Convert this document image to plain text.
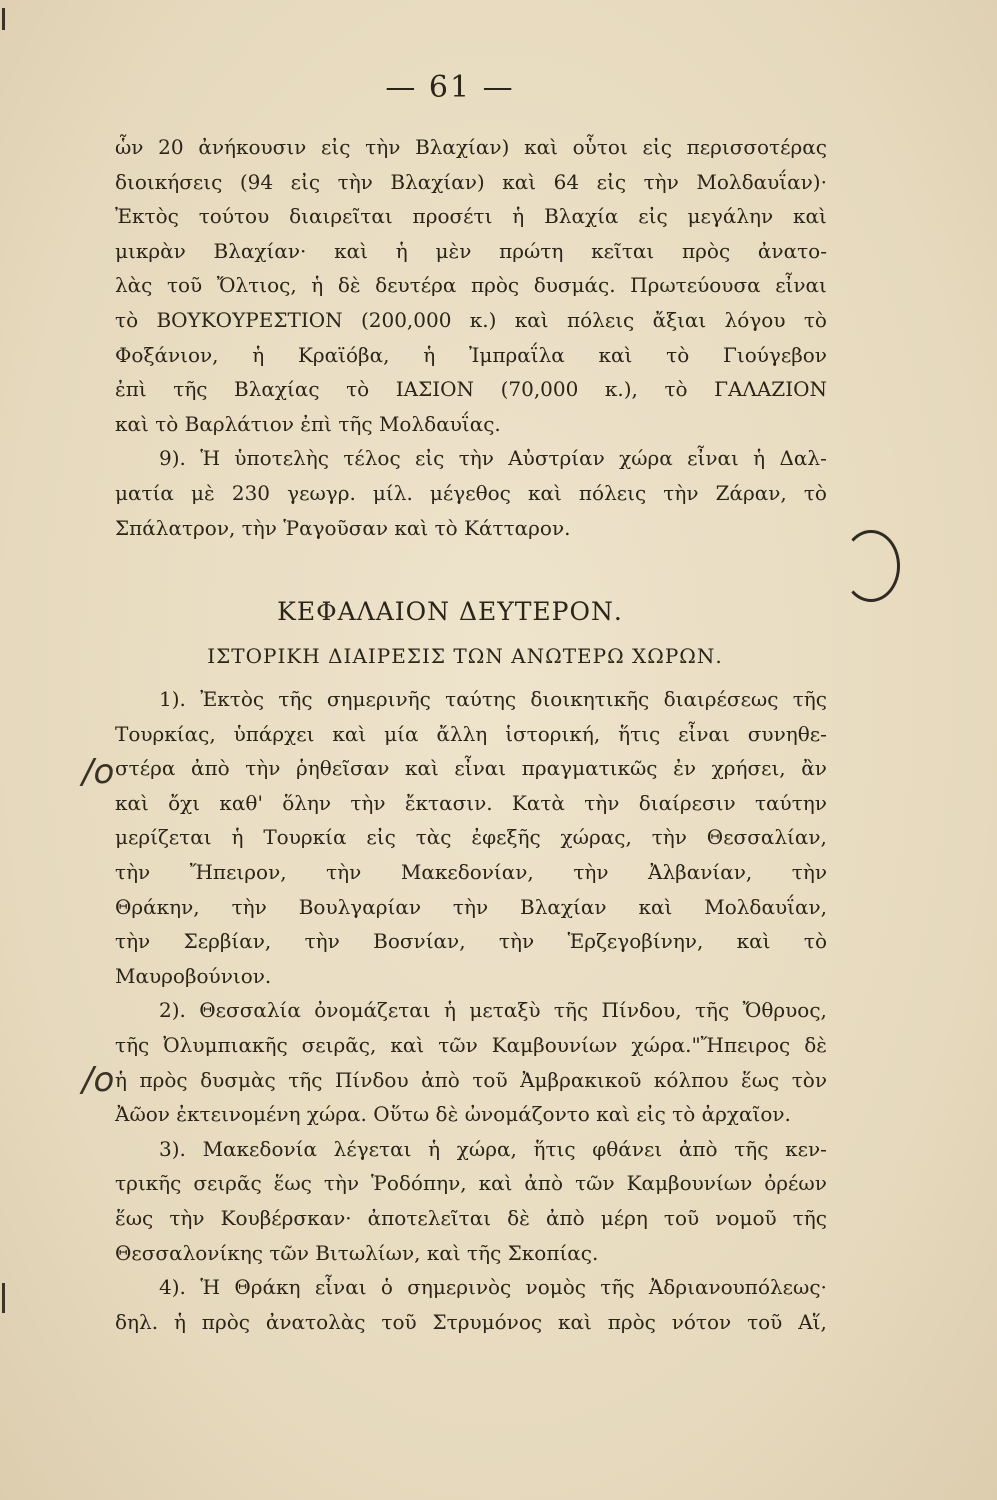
— 61 —
ὧν 20 ἀνήκουσιν εἰς τὴν Βλαχίαν) καὶ οὗτοι εἰς περισσοτέρας
διοικήσεις (94 εἰς τὴν Βλαχίαν) καὶ 64 εἰς τὴν Μολδαυΐαν)·
Ἐκτὸς τούτου διαιρεῖται προσέτι ἡ Βλαχία εἰς μεγάλην καὶ
μικρὰν Βλαχίαν· καὶ ἡ μὲν πρώτη κεῖται πρὸς ἀνατο-
λὰς τοῦ Ὄλτιος, ἡ δὲ δευτέρα πρὸς δυσμάς. Πρωτεύουσα εἶναι
τὸ ΒΟΥΚΟΥΡΕΣΤΙΟΝ (200,000 κ.) καὶ πόλεις ἄξιαι λόγου τὸ
Φοξάνιον, ἡ Κραϊόβα, ἡ Ἰμπραΐλα καὶ τὸ Γιούγεβον
ἐπὶ τῆς Βλαχίας τὸ ΙΑΣΙΟΝ (70,000 κ.), τὸ ΓΑΛΑΖΙΟΝ
καὶ τὸ Βαρλάτιον ἐπὶ τῆς Μολδαυΐας.
9). Ἡ ὑποτελὴς τέλος εἰς τὴν Αὐστρίαν χώρα εἶναι ἡ Δαλ-
ματία μὲ 230 γεωγρ. μίλ. μέγεθος καὶ πόλεις τὴν Ζάραν, τὸ
Σπάλατρον, τὴν Ῥαγοῦσαν καὶ τὸ Κάτταρον.
ΚΕΦΑΛΑΙΟΝ ΔΕΥΤΕΡΟΝ.
ΙΣΤΟΡΙΚΗ ΔΙΑΙΡΕΣΙΣ ΤΩΝ ΑΝΩΤΕΡΩ ΧΩΡΩΝ.
1). Ἐκτὸς τῆς σημερινῆς ταύτης διοικητικῆς διαιρέσεως τῆς
Τουρκίας, ὑπάρχει καὶ μία ἄλλη ἱστορική, ἥτις εἶναι συνηθε-
στέρα ἀπὸ τὴν ῥηθεῖσαν καὶ εἶναι πραγματικῶς ἐν χρήσει, ἂν
καὶ ὄχι καθ' ὅλην τὴν ἔκτασιν. Κατὰ τὴν διαίρεσιν ταύτην
μερίζεται ἡ Τουρκία εἰς τὰς ἐφεξῆς χώρας, τὴν Θεσσαλίαν,
τὴν Ἤπειρον, τὴν Μακεδονίαν, τὴν Ἀλβανίαν, τὴν
Θράκην, τὴν Βουλγαρίαν τὴν Βλαχίαν καὶ Μολδαυΐαν,
τὴν Σερβίαν, τὴν Βοσνίαν, τὴν Ἑρζεγοβίνην, καὶ τὸ
Μαυροβούνιον.
2). Θεσσαλία ὀνομάζεται ἡ μεταξὺ τῆς Πίνδου, τῆς Ὄθρυος,
τῆς Ὀλυμπιακῆς σειρᾶς, καὶ τῶν Καμβουνίων χώρα."Ἤπειρος δὲ
ἡ πρὸς δυσμὰς τῆς Πίνδου ἀπὸ τοῦ Ἀμβρακικοῦ κόλπου ἕως τὸν
Ἀῶον ἐκτεινομένη χώρα. Οὕτω δὲ ὠνομάζοντο καὶ εἰς τὸ ἀρχαῖον.
3). Μακεδονία λέγεται ἡ χώρα, ἥτις φθάνει ἀπὸ τῆς κεν-
τρικῆς σειρᾶς ἕως τὴν Ῥοδόπην, καὶ ἀπὸ τῶν Καμβουνίων ὀρέων
ἕως τὴν Κουβέρσκαν· ἀποτελεῖται δὲ ἀπὸ μέρη τοῦ νομοῦ τῆς
Θεσσαλονίκης τῶν Βιτωλίων, καὶ τῆς Σκοπίας.
4). Ἡ Θράκη εἶναι ὁ σημερινὸς νομὸς τῆς Ἀδριανουπόλεως·
δηλ. ἡ πρὸς ἀνατολὰς τοῦ Στρυμόνος καὶ πρὸς νότον τοῦ Αἵ,
/o
/o
